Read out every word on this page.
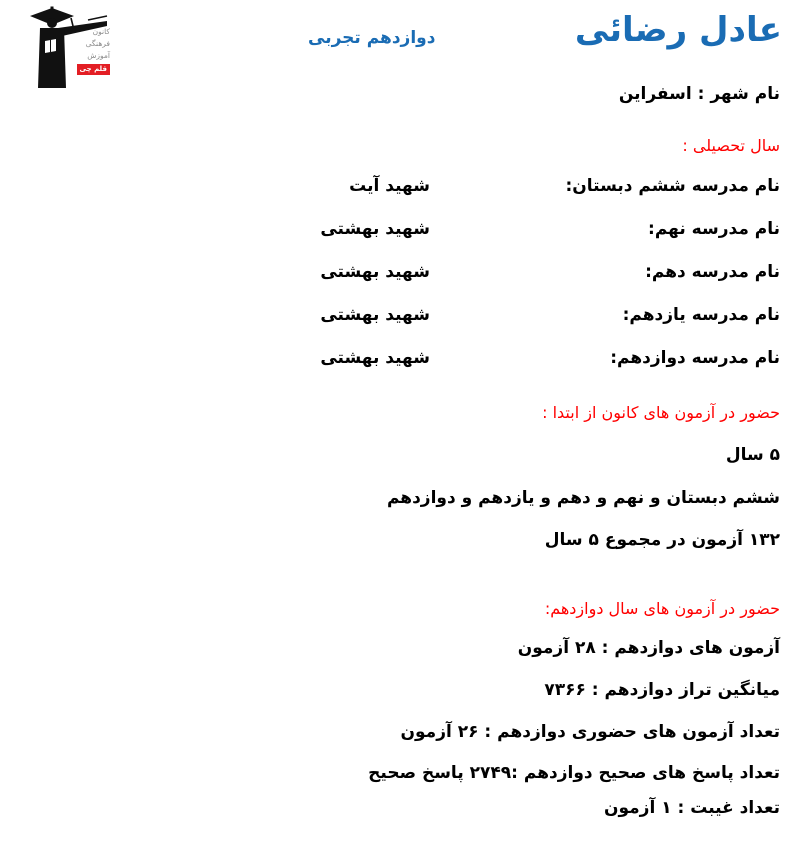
کانون
فرهنگی
آموزش
قلم چی
دوازدهم تجربی	عادل رضائی
نام شهر : اسفراین
سال تحصیلی :
نام مدرسه ششم دبستان:
شهید آیت
نام مدرسه نهم:
شهید بهشتی
نام مدرسه دهم:
شهید بهشتی
نام مدرسه یازدهم:
شهید بهشتی
نام مدرسه دوازدهم:
شهید بهشتی
حضور در آزمون های کانون از ابتدا :
۵ سال
ششم دبستان و نهم و دهم و یازدهم و دوازدهم
۱۳۲ آزمون در مجموع ۵ سال
حضور در آزمون های سال دوازدهم:
آزمون های دوازدهم : ۲۸ آزمون
میانگین تراز دوازدهم : ۷۳۶۶
تعداد آزمون های حضوری دوازدهم : ۲۶ آزمون
تعداد پاسخ های صحیح دوازدهم :۲۷۴۹ پاسخ صحیح
تعداد غیبت : ۱ آزمون
